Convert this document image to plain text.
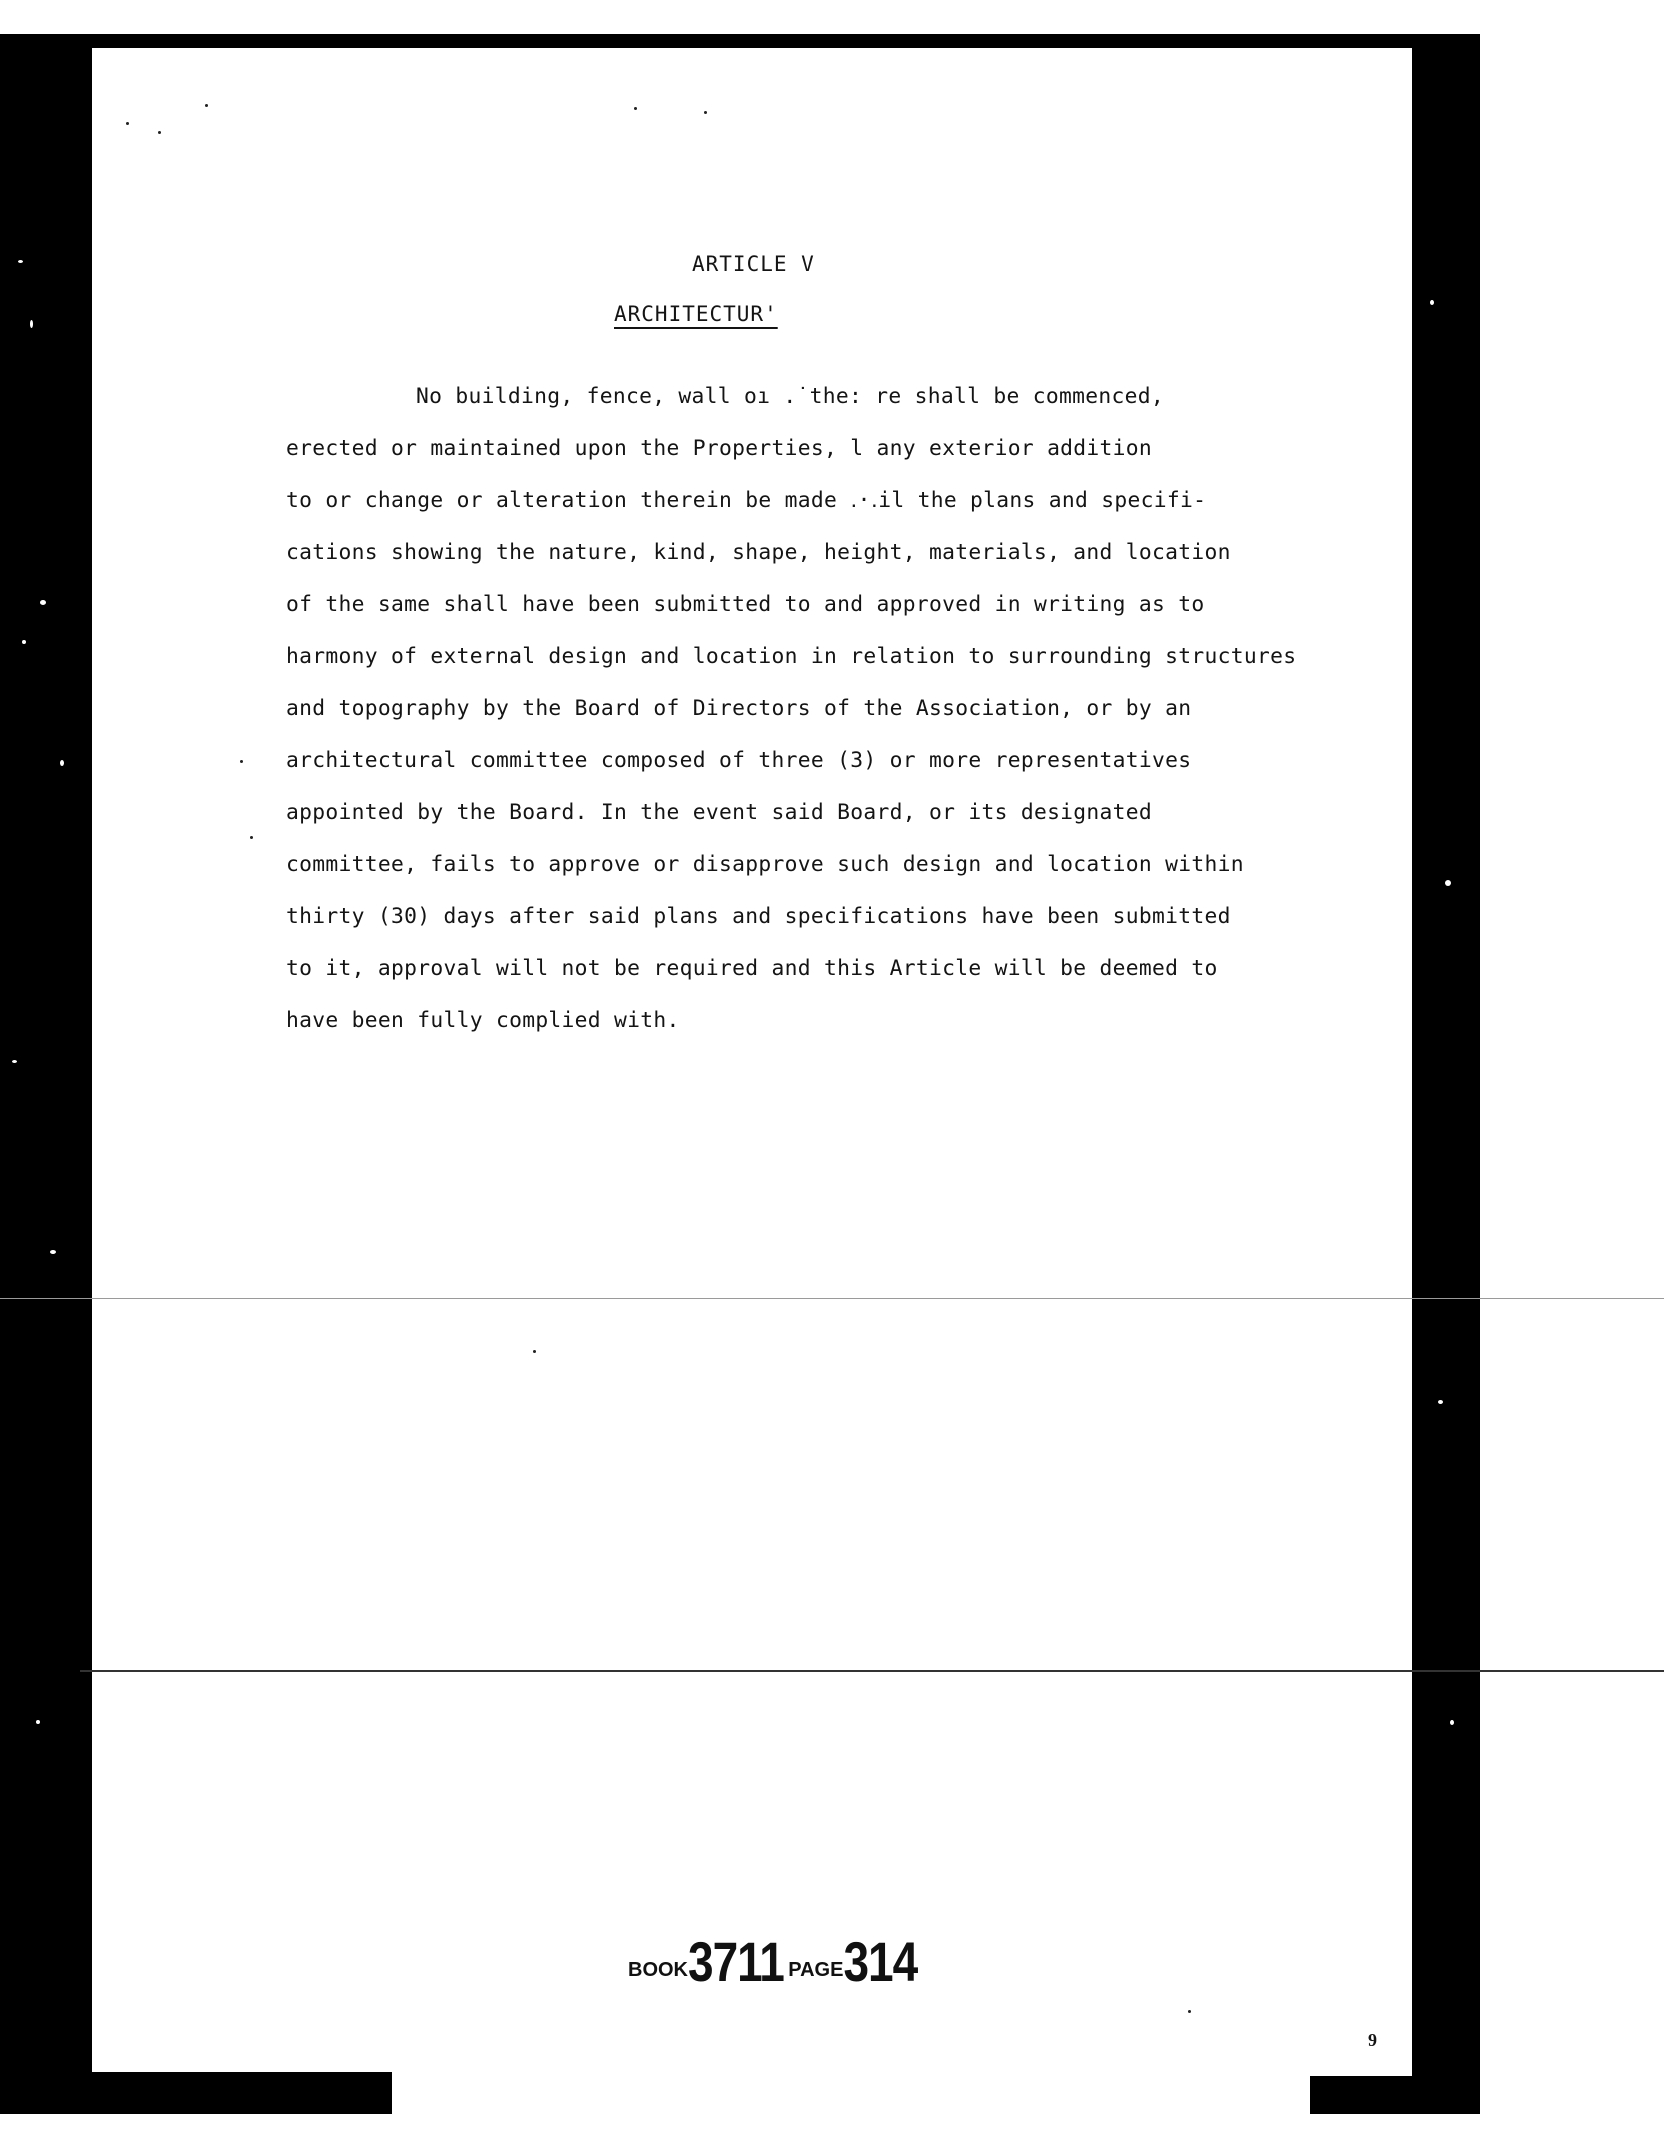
ARTICLE V
ARCHITECTUR'
No building, fence, wall oı .˙the: re shall be commenced,
erected or maintained upon the Properties, l any exterior addition
to or change or alteration therein be made ․·․il the plans and specifi-
cations showing the nature, kind, shape, height, materials, and location
of the same shall have been submitted to and approved in writing as to
harmony of external design and location in relation to surrounding structures
and topography by the Board of Directors of the Association, or by an
architectural committee composed of three (3) or more representatives
appointed by the Board. In the event said Board, or its designated
committee, fails to approve or disapprove such design and location within
thirty (30) days after said plans and specifications have been submitted
to it, approval will not be required and this Article will be deemed to
have been fully complied with.
BOOK3711 PAGE314
9
